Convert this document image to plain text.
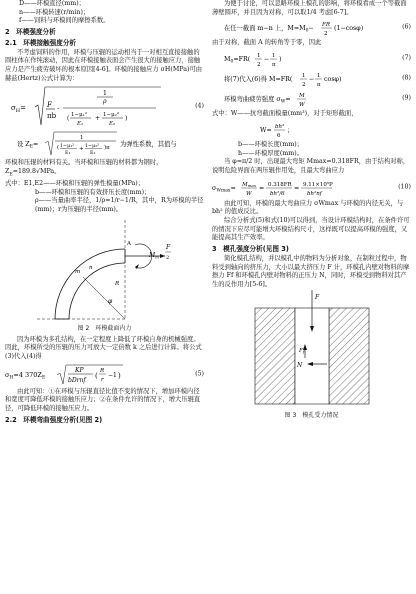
D——环模直径(mm)；

n——环模转速(r/min)；

f——饲料与环模间的摩擦系数。

2　环模强度分析
2.1　环模接触强度分析

不考虑饲料的作用，环模与压辊的运动相当于一对相互直接接触的圆柱体在作纯滚动，因此在环模接触表面会产生很大的接触应力，接触应力是产生疲劳破坏的根本原因[4-6]。环模的接触应力 σH(MPa)可由赫兹(Hertz)公式计算为：

$\sigma_H=$	F
πb
·
1
ρ
( 1−μ₁²
E₁
+ 1−μ₂²
E₂
)
(4)
设 $Z_E=$
1
( 1−μ₁²
E₁
+ 1−μ₂²
E₂
)π 为弹性系数，其值与

环模和压辊的材料有关。当环模和压辊的材料都为钢时，$Z_E=189.8√MPa$。

式中：E1,E2——环模和压辊的弹性模量(MPa)；

b——环模和压辊的有效挤压长度(mm)；

ρ——当量曲率半径，1/ρ=1/r−1/R，其中，R为环模的半径(mm)；r为压辊的半径(mm)。

φ
R
$M_m$
F
2
m
n
A
图 2　环模截面内力

因为环模为多孔结构，在一定程度上降低了环模自身的机械强度。因此，环模所受的压辊的压力可放大一定倍数 k 之后进行计算。将公式(3)代入(4)得

$\sigma_H=4$ $370Z_E$
KP
bDrnf
(
R
r
−1 )	(5)

由此可知：①在环模与压辊直径比值不变的情况下，增加环模内径和宽度可降低环模的接触压应力；②在条件允许的情况下，增大压辊直径，可降低环模的接触压应力。

2.2　环模弯曲强度分析(见图 2)

为便于讨论，可以忽略环模上模孔的影响，将环模看成一个等截面薄壁圆环，并且因为对称，可以取1/4 考虑[6-7]。

在任一截面 m−n 上，$M=M_0-$ FR
2
(1−cosφ)	(6)

由于对称，截面 A 的转角等于零，因此

$M_0=FR$( 1
2
− 1
π
)	(7)
将(7)代入(6)得 M=FR( 1
2
− 1
π
cosφ)	(8)
环模弯曲疲劳强度 $\sigma_W= M$
W
(9)

式中：W——抗弯截面模量(mm³)，对于矩形截面，

W= bh²
6
；

b——环模长度(mm)；

h——环模厚度(mm)。

当 φ=π/2 时，出现最大弯矩 Mmax=0.318FR，由于结构对称，说明危险界面在两压辊作用处，且最大弯曲应力

$\sigma_{Wmax}= Mmax$
W
= 0.318FR
bh²/6
= 9.11×10⁵P
bh²nf
(10)

由此可知，环模的最大弯曲应力 σWmax 与环模的内径无关，与 bh² 的值成反比。

综合分析式(5)和式(10)可以得到，当设计环模结构时，在条件许可的情况下应尽可能增大环模结构尺寸，这样既可以提高环模的强度，又能提高其生产效率。

3　模孔强度分析(见图 3)

简化模孔结构，并以模孔中的物料为分析对象，在制粒过程中，物料受到轴向的挤压力，大小以最大挤压力 F 计，环模孔内壁对物料的摩擦力 Ff 和环模孔内壁对物料的正压力 N，同时，环模受到物料对其产生的反作用力[5-6]。

F
Ff
N
图 3　模孔受力情况
